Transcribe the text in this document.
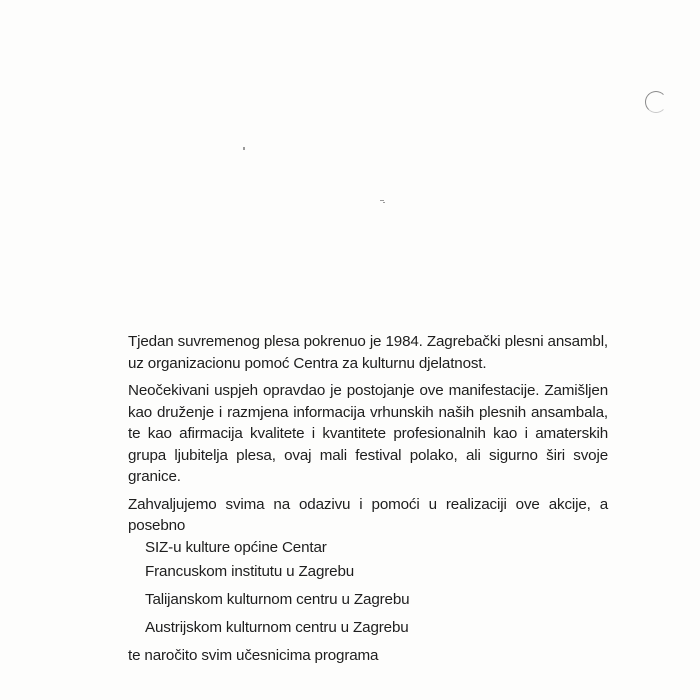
Tjedan suvremenog plesa pokrenuo je 1984. Zagrebački plesni ansambl, uz organizacionu pomoć Centra za kulturnu djelatnost.

Neočekivani uspjeh opravdao je postojanje ove manifestacije. Zamišljen kao druženje i razmjena informacija vrhunskih naših plesnih ansambala, te kao afirmacija kvalitete i kvantitete profesionalnih kao i amaterskih grupa ljubitelja plesa, ovaj mali festival polako, ali sigurno širi svoje granice.

Zahvaljujemo svima na odazivu i pomoći u realizaciji ove akcije, a posebno

SIZ-u kulture općine Centar
Francuskom institutu u Zagrebu
Talijanskom kulturnom centru u Zagrebu
Austrijskom kulturnom centru u Zagrebu

te naročito svim učesnicima programa
